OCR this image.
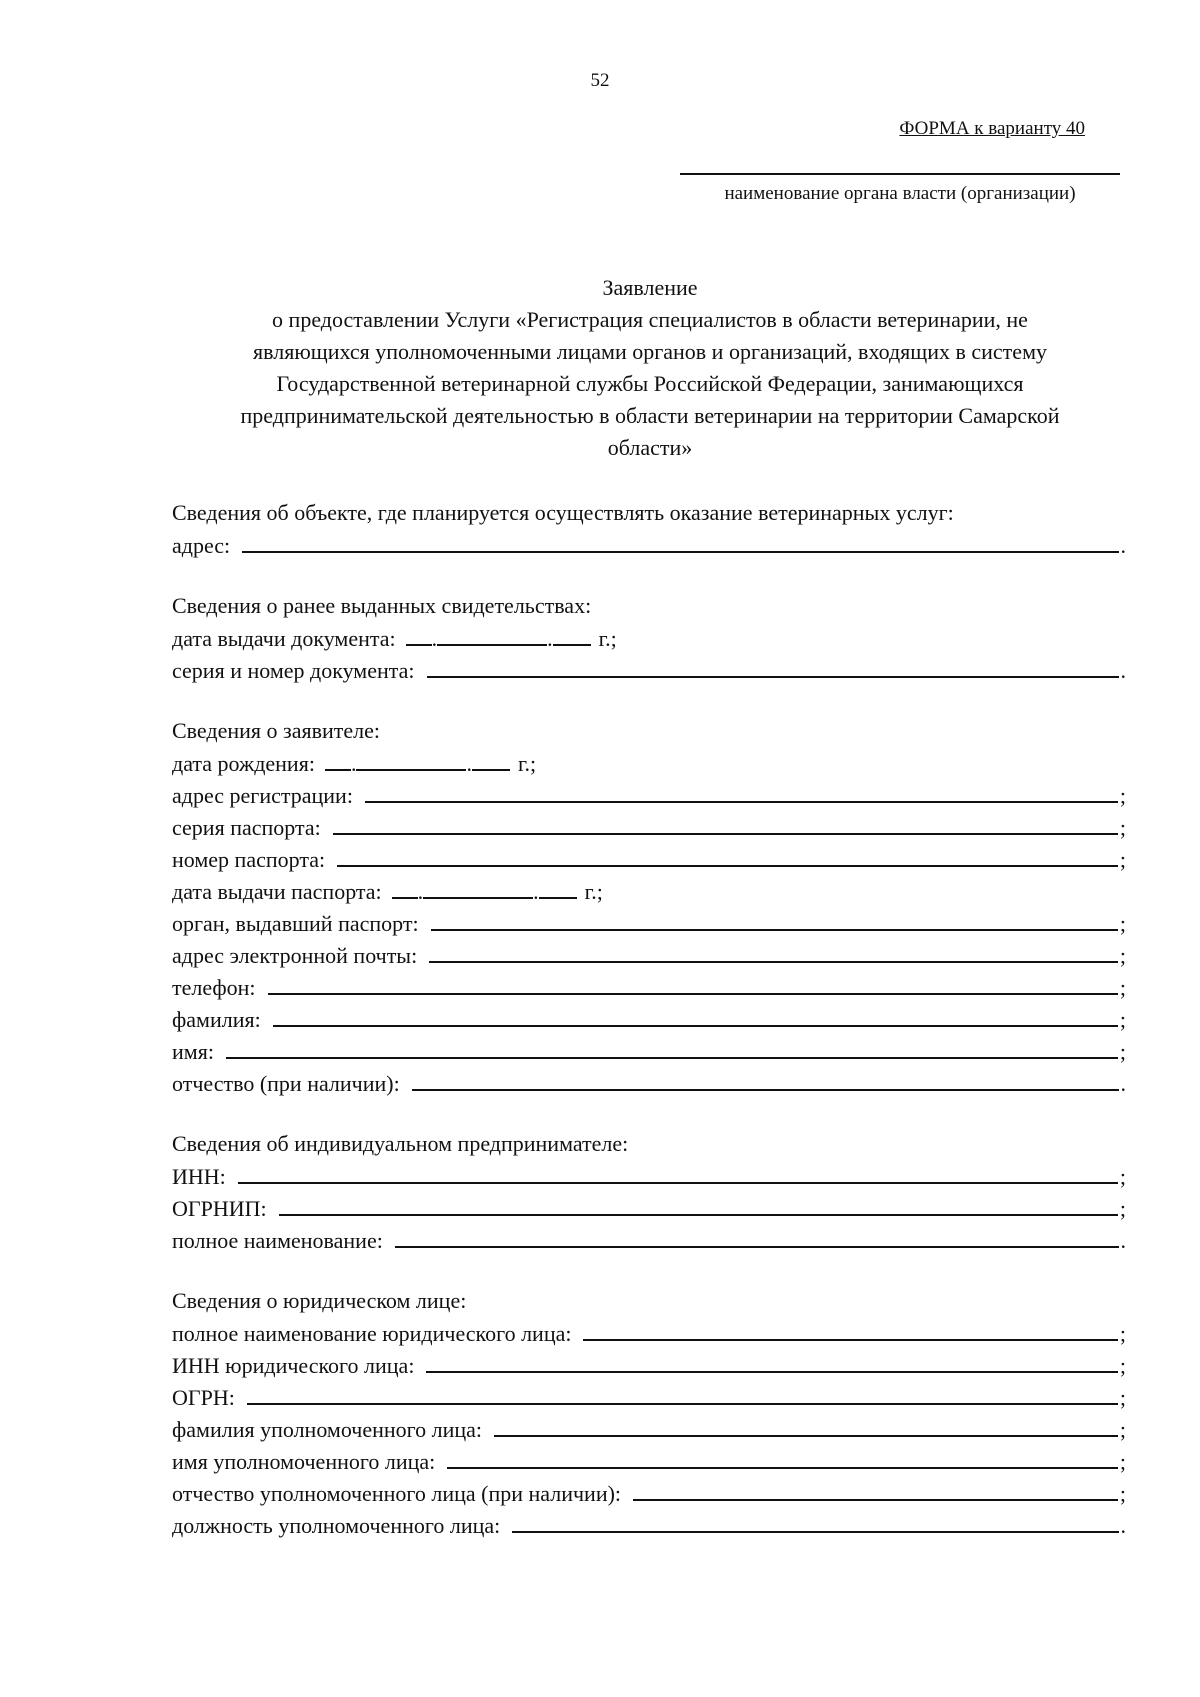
52
ФОРМА к варианту 40
наименование органа власти (организации)
Заявление
о предоставлении Услуги «Регистрация специалистов в области ветеринарии, не
являющихся уполномоченными лицами органов и организаций, входящих в систему
Государственной ветеринарной службы Российской Федерации, занимающихся
предпринимательской деятельностью в области ветеринарии на территории Самарской
области»
Сведения об объекте, где планируется осуществлять оказание ветеринарных услуг:
адрес:	.
Сведения о ранее выданных свидетельствах:
дата выдачи документа: .	. г.;
серия и номер документа:	.
Сведения о заявителе:
дата рождения: .	. г.;
адрес регистрации:	;
серия паспорта:	;
номер паспорта:	;
дата выдачи паспорта: .	. г.;
орган, выдавший паспорт:	;
адрес электронной почты:	;
телефон:	;
фамилия:	;
имя:	;
отчество (при наличии):	.
Сведения об индивидуальном предпринимателе:
ИНН:	;
ОГРНИП:	;
полное наименование:	.
Сведения о юридическом лице:
полное наименование юридического лица:	;
ИНН юридического лица:	;
ОГРН:	;
фамилия уполномоченного лица:	;
имя уполномоченного лица:	;
отчество уполномоченного лица (при наличии):	;
должность уполномоченного лица:	.
